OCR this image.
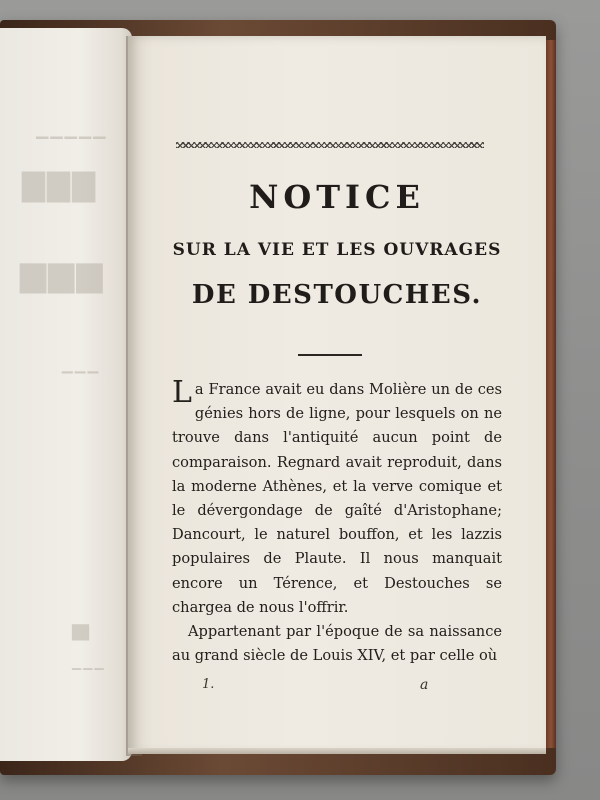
▁▁▁▁▁
▇▇▇
▆▆▆
▁▁▁
▅
▁▁▁
NOTICE
SUR LA VIE ET LES OUVRAGES
DE DESTOUCHES.

La France avait eu dans Molière un de ces génies hors de ligne, pour lesquels on ne trouve dans l'antiquité aucun point de comparaison. Regnard avait reproduit, dans la moderne Athènes, et la verve comique et le dévergondage de gaîté d'Aristophane; Dancourt, le naturel bouffon, et les lazzis populaires de Plaute. Il nous manquait encore un Térence, et Destouches se chargea de nous l'offrir.

Appartenant par l'époque de sa naissance au grand siècle de Louis XIV, et par celle où

1.	a
